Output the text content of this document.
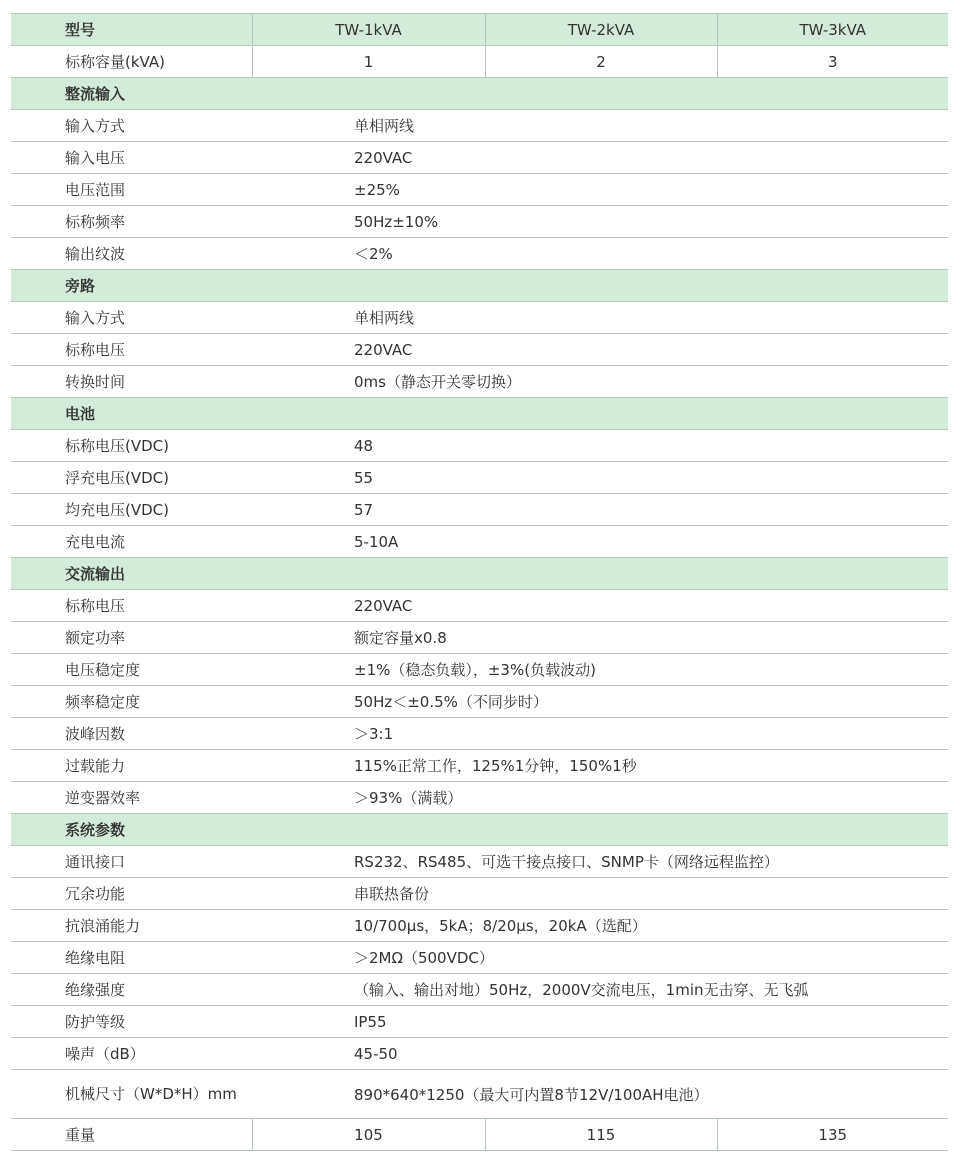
型号	TW-1kVA	TW-2kVA	TW-3kVA
标称容量(kVA)	1	2	3
整流输入			
输入方式	单相两线		
输入电压	220VAC		
电压范围	±25%		
标称频率	50Hz±10%		
输出纹波	＜2%		
旁路			
输入方式	单相两线		
标称电压	220VAC		
转换时间	0ms（静态开关零切换）		
电池			
标称电压(VDC)	48		
浮充电压(VDC)	55		
均充电压(VDC)	57		
充电电流	5-10A		
交流输出			
标称电压	220VAC		
额定功率	额定容量x0.8		
电压稳定度	±1%（稳态负载），±3%(负载波动)		
频率稳定度	50Hz＜±0.5%（不同步时）		
波峰因数	＞3:1		
过载能力	115%正常工作，125%1分钟，150%1秒		
逆变器效率	＞93%（满载）		
系统参数			
通讯接口	RS232、RS485、可选干接点接口、SNMP卡（网络远程监控）		
冗余功能	串联热备份		
抗浪涌能力	10/700μs，5kA；8/20μs，20kA（选配）		
绝缘电阻	＞2MΩ（500VDC）		
绝缘强度	（输入、输出对地）50Hz，2000V交流电压，1min无击穿、无飞弧		
防护等级	IP55		
噪声（dB）	45-50		
机械尺寸（W*D*H）mm	890*640*1250（最大可内置8节12V/100AH电池）		
重量	105	115	135
